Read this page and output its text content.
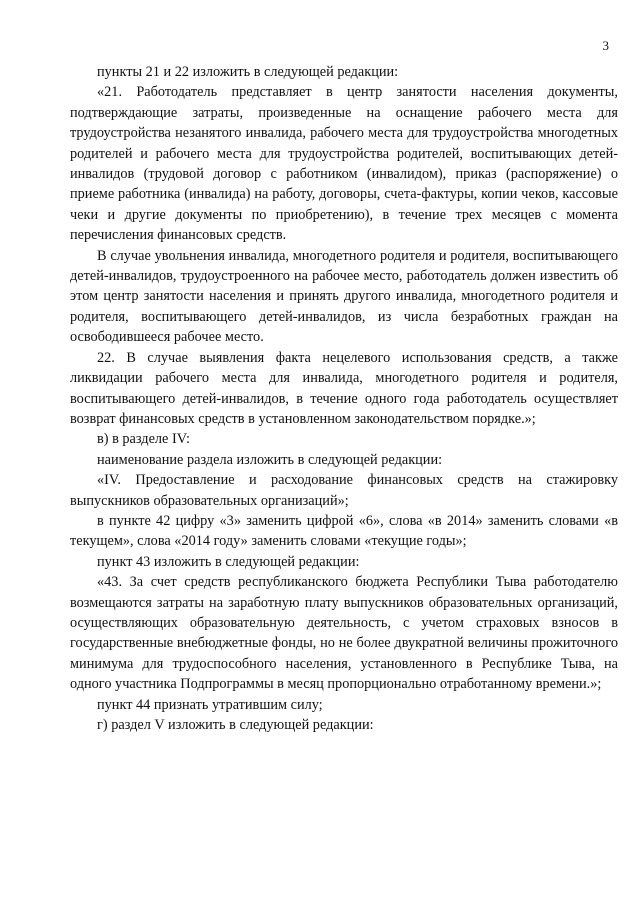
3

пункты 21 и 22 изложить в следующей редакции:

«21. Работодатель представляет в центр занятости населения документы, подтверждающие затраты, произведенные на оснащение рабочего места для трудоустройства незанятого инвалида, рабочего места для трудоустройства многодетных родителей и рабочего места для трудоустройства родителей, воспитывающих детей-инвалидов (трудовой договор с работником (инвалидом), приказ (распоряжение) о приеме работника (инвалида) на работу, договоры, счета-фактуры, копии чеков, кассовые чеки и другие документы по приобретению), в течение трех месяцев с момента перечисления финансовых средств.

В случае увольнения инвалида, многодетного родителя и родителя, воспитывающего детей-инвалидов, трудоустроенного на рабочее место, работодатель должен известить об этом центр занятости населения и принять другого инвалида, многодетного родителя и родителя, воспитывающего детей-инвалидов, из числа безработных граждан на освободившееся рабочее место.

22. В случае выявления факта нецелевого использования средств, а также ликвидации рабочего места для инвалида, многодетного родителя и родителя, воспитывающего детей-инвалидов, в течение одного года работодатель осуществляет возврат финансовых средств в установленном законодательством порядке.»;

в) в разделе IV:

наименование раздела изложить в следующей редакции:

«IV. Предоставление и расходование финансовых средств на стажировку выпускников образовательных организаций»;

в пункте 42 цифру «3» заменить цифрой «6», слова «в 2014» заменить словами «в текущем», слова «2014 году» заменить словами «текущие годы»;

пункт 43 изложить в следующей редакции:

«43. За счет средств республиканского бюджета Республики Тыва работодателю возмещаются затраты на заработную плату выпускников образовательных организаций, осуществляющих образовательную деятельность, с учетом страховых взносов в государственные внебюджетные фонды, но не более двукратной величины прожиточного минимума для трудоспособного населения, установленного в Республике Тыва, на одного участника Подпрограммы в месяц пропорционально отработанному времени.»;

пункт 44 признать утратившим силу;

г) раздел V изложить в следующей редакции:
